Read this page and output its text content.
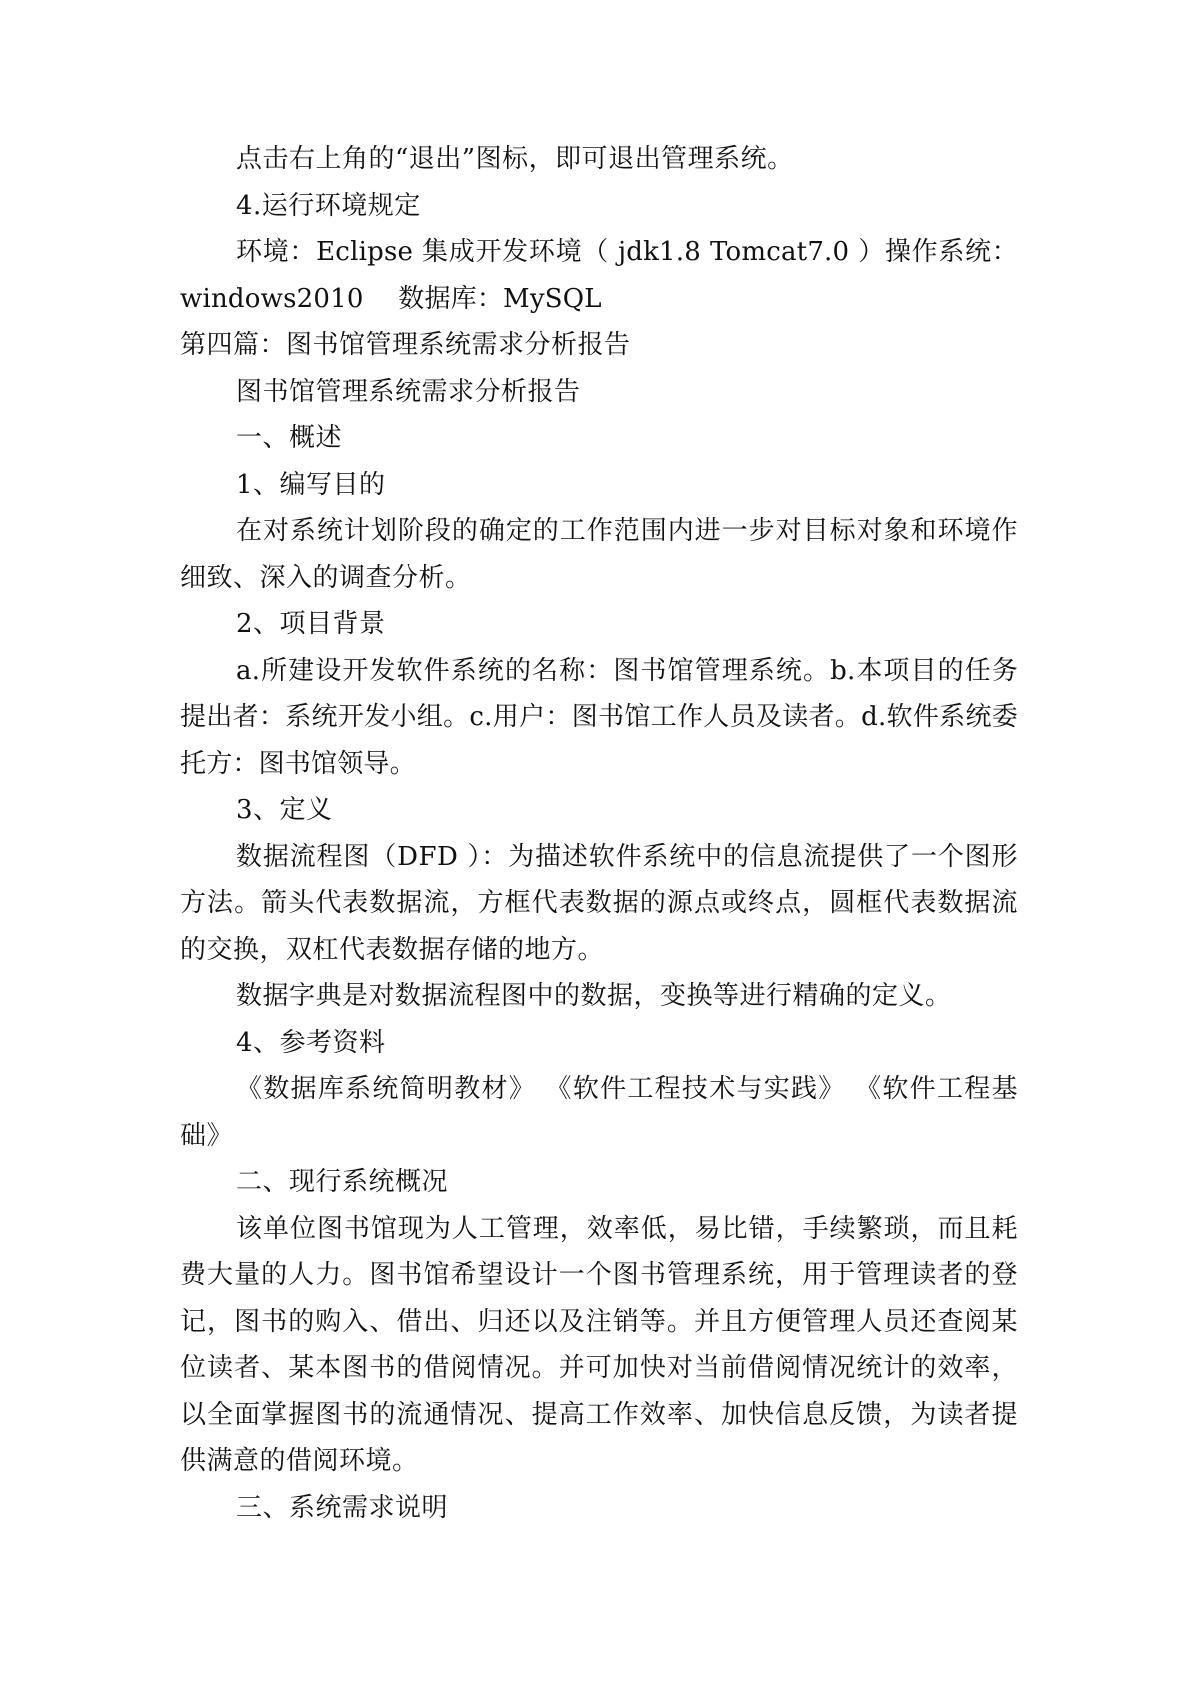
点击右上角的“退出”图标，即可退出管理系统。

4.运行环境规定

环境：Eclipse 集成开发环境（ jdk1.8 Tomcat7.0 ）操作系统：windows2010　 数据库：MySQL

第四篇：图书馆管理系统需求分析报告

图书馆管理系统需求分析报告

一、概述

1、编写目的

在对系统计划阶段的确定的工作范围内进一步对目标对象和环境作细致、深入的调查分析。

2、项目背景

a.所建设开发软件系统的名称：图书馆管理系统。b.本项目的任务提出者：系统开发小组。c.用户：图书馆工作人员及读者。d.软件系统委托方：图书馆领导。

3、定义

数据流程图（DFD ）：为描述软件系统中的信息流提供了一个图形方法。箭头代表数据流，方框代表数据的源点或终点，圆框代表数据流的交换，双杠代表数据存储的地方。

数据字典是对数据流程图中的数据，变换等进行精确的定义。

4、参考资料

《数据库系统简明教材》 《软件工程技术与实践》 《软件工程基础》

二、现行系统概况

该单位图书馆现为人工管理，效率低，易比错，手续繁琐，而且耗费大量的人力。图书馆希望设计一个图书管理系统，用于管理读者的登记，图书的购入、借出、归还以及注销等。并且方便管理人员还查阅某位读者、某本图书的借阅情况。并可加快对当前借阅情况统计的效率，以全面掌握图书的流通情况、提高工作效率、加快信息反馈，为读者提供满意的借阅环境。

三、系统需求说明
